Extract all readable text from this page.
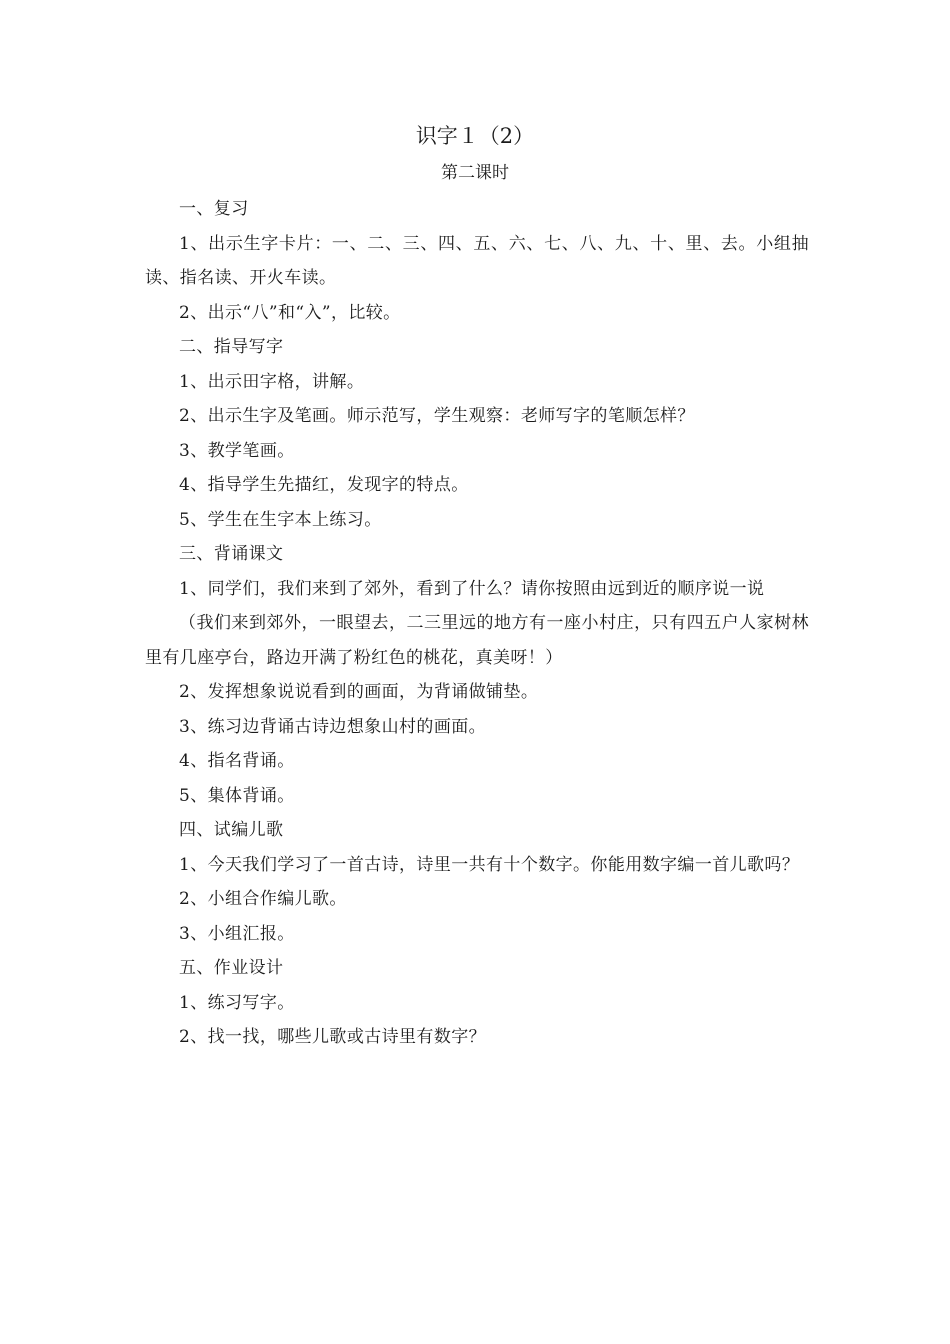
识字１（2）
第二课时

一、复习

1、出示生字卡片：一、二、三、四、五、六、七、八、九、十、里、去。小组抽读、指名读、开火车读。

2、出示“八”和“入”，比较。

二、指导写字

1、出示田字格，讲解。

2、出示生字及笔画。师示范写，学生观察：老师写字的笔顺怎样？

3、教学笔画。

4、指导学生先描红，发现字的特点。

5、学生在生字本上练习。

三、背诵课文

1、同学们，我们来到了郊外，看到了什么？请你按照由远到近的顺序说一说

（我们来到郊外，一眼望去，二三里远的地方有一座小村庄，只有四五户人家树林里有几座亭台，路边开满了粉红色的桃花，真美呀！）

2、发挥想象说说看到的画面，为背诵做铺垫。

3、练习边背诵古诗边想象山村的画面。

4、指名背诵。

5、集体背诵。

四、试编儿歌

1、今天我们学习了一首古诗，诗里一共有十个数字。你能用数字编一首儿歌吗？

2、小组合作编儿歌。

3、小组汇报。

五、作业设计

1、练习写字。

2、找一找，哪些儿歌或古诗里有数字？
